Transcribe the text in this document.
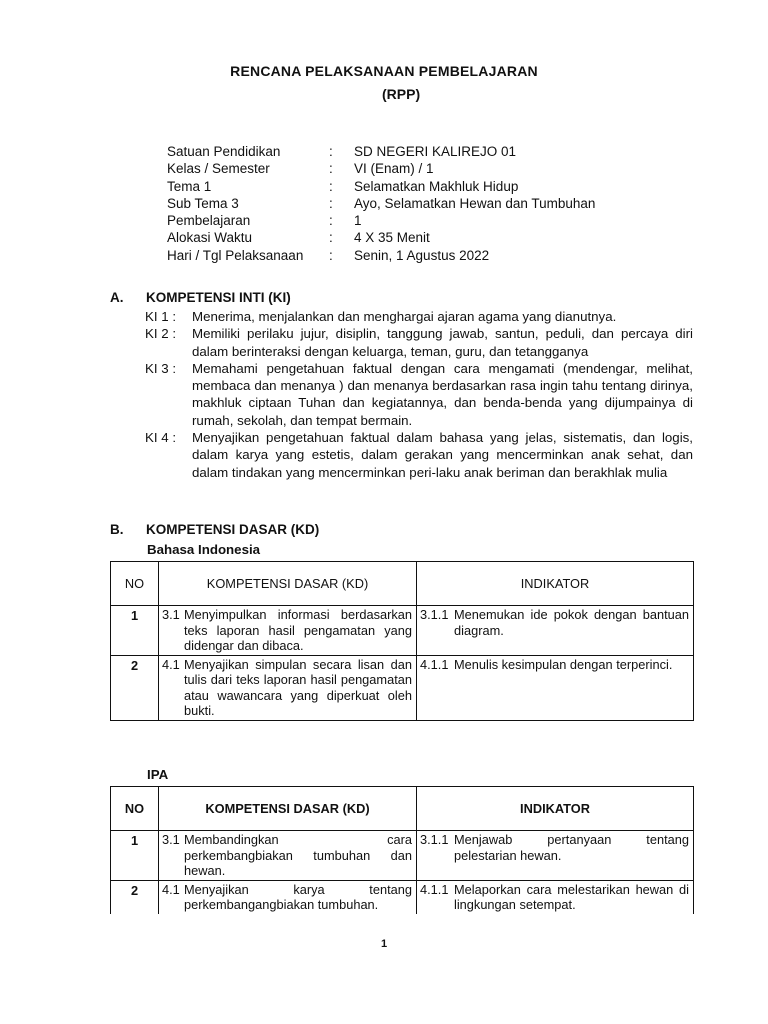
RENCANA PELAKSANAAN PEMBELAJARAN
(RPP)
Satuan Pendidikan	:	SD NEGERI KALIREJO 01
Kelas / Semester	:	VI (Enam) / 1
Tema 1	:	Selamatkan Makhluk Hidup
Sub Tema 3	:	Ayo, Selamatkan Hewan dan Tumbuhan
Pembelajaran	:	1
Alokasi Waktu	:	4 X 35 Menit
Hari / Tgl Pelaksanaan	:	Senin, 1 Agustus 2022
A. KOMPETENSI INTI (KI)

KI 1 : Menerima, menjalankan dan menghargai ajaran agama yang dianutnya.

KI 2 : Memiliki perilaku jujur, disiplin, tanggung jawab, santun, peduli, dan percaya diri dalam berinteraksi dengan keluarga, teman, guru, dan tetangganya

KI 3 : Memahami pengetahuan faktual dengan cara mengamati (mendengar, melihat, membaca dan menanya ) dan menanya berdasarkan rasa ingin tahu tentang dirinya, makhluk ciptaan Tuhan dan kegiatannya, dan benda-benda yang dijumpainya di rumah, sekolah, dan tempat bermain.

KI 4 : Menyajikan pengetahuan faktual dalam bahasa yang jelas, sistematis, dan logis, dalam karya yang estetis, dalam gerakan yang mencerminkan anak sehat, dan dalam tindakan yang mencerminkan peri-laku anak beriman dan berakhlak mulia

B. KOMPETENSI DASAR (KD)
Bahasa Indonesia
NO	KOMPETENSI DASAR (KD)	INDIKATOR
1	3.1 Menyimpulkan informasi berdasarkan teks laporan hasil pengamatan yang didengar dan dibaca.	3.1.1 Menemukan ide pokok dengan bantuan diagram.

2	4.1 Menyajikan simpulan secara lisan dan tulis dari teks laporan hasil pengamatan atau wawancara yang diperkuat oleh bukti.	4.1.1 Menulis kesimpulan dengan terperinci.
IPA
NO	KOMPETENSI DASAR (KD)	INDIKATOR
1	3.1 Membandingkan cara perkembangbiakan tumbuhan dan hewan.	3.1.1 Menjawab pertanyaan tentang pelestarian hewan.

2	4.1 Menyajikan karya tentang perkembangangbiakan tumbuhan.	4.1.1 Melaporkan cara melestarikan hewan di lingkungan setempat.
1
